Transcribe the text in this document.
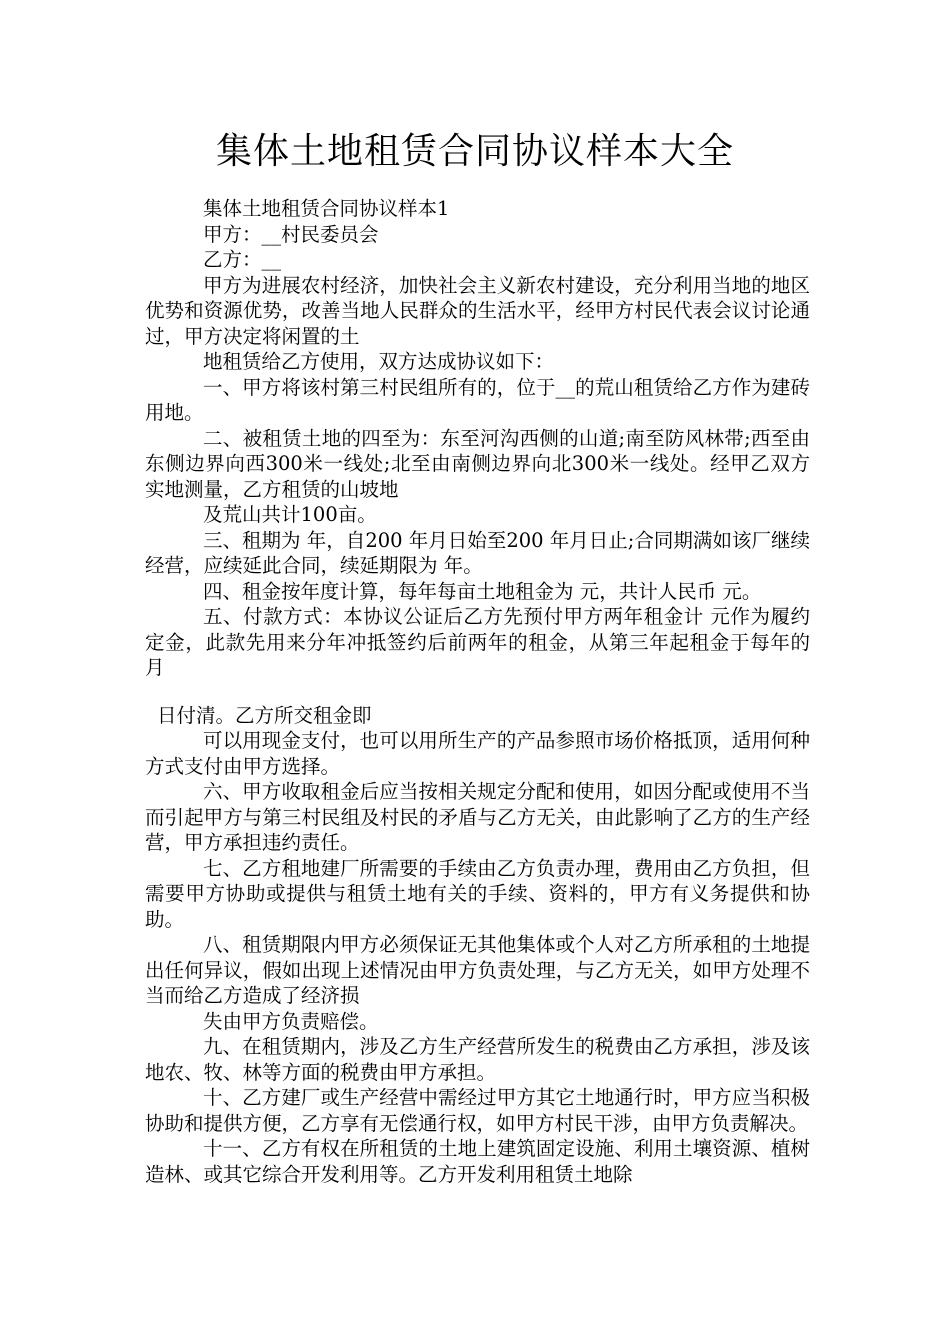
集体土地租赁合同协议样本大全

集体土地租赁合同协议样本1

甲方：__村民委员会

乙方：__

甲方为进展农村经济，加快社会主义新农村建设，充分利用当地的地区优势和资源优势，改善当地人民群众的生活水平，经甲方村民代表会议讨论通过，甲方决定将闲置的土

地租赁给乙方使用，双方达成协议如下：

一、甲方将该村第三村民组所有的，位于__的荒山租赁给乙方作为建砖用地。

二、被租赁土地的四至为：东至河沟西侧的山道;南至防风林带;西至由东侧边界向西300米一线处;北至由南侧边界向北300米一线处。经甲乙双方实地测量，乙方租赁的山坡地

及荒山共计100亩。

三、租期为 年，自200 年月日始至200 年月日止;合同期满如该厂继续经营，应续延此合同，续延期限为 年。

四、租金按年度计算，每年每亩土地租金为 元，共计人民币 元。

五、付款方式：本协议公证后乙方先预付甲方两年租金计 元作为履约定金，此款先用来分年冲抵签约后前两年的租金，从第三年起租金于每年的 月

日付清。乙方所交租金即

可以用现金支付，也可以用所生产的产品参照市场价格抵顶，适用何种方式支付由甲方选择。

六、甲方收取租金后应当按相关规定分配和使用，如因分配或使用不当而引起甲方与第三村民组及村民的矛盾与乙方无关，由此影响了乙方的生产经营，甲方承担违约责任。

七、乙方租地建厂所需要的手续由乙方负责办理，费用由乙方负担，但需要甲方协助或提供与租赁土地有关的手续、资料的，甲方有义务提供和协助。

八、租赁期限内甲方必须保证无其他集体或个人对乙方所承租的土地提出任何异议，假如出现上述情况由甲方负责处理，与乙方无关，如甲方处理不当而给乙方造成了经济损

失由甲方负责赔偿。

九、在租赁期内，涉及乙方生产经营所发生的税费由乙方承担，涉及该地农、牧、林等方面的税费由甲方承担。

十、乙方建厂或生产经营中需经过甲方其它土地通行时，甲方应当积极协助和提供方便，乙方享有无偿通行权，如甲方村民干涉，由甲方负责解决。

十一、乙方有权在所租赁的土地上建筑固定设施、利用土壤资源、植树造林、或其它综合开发利用等。乙方开发利用租赁土地除
